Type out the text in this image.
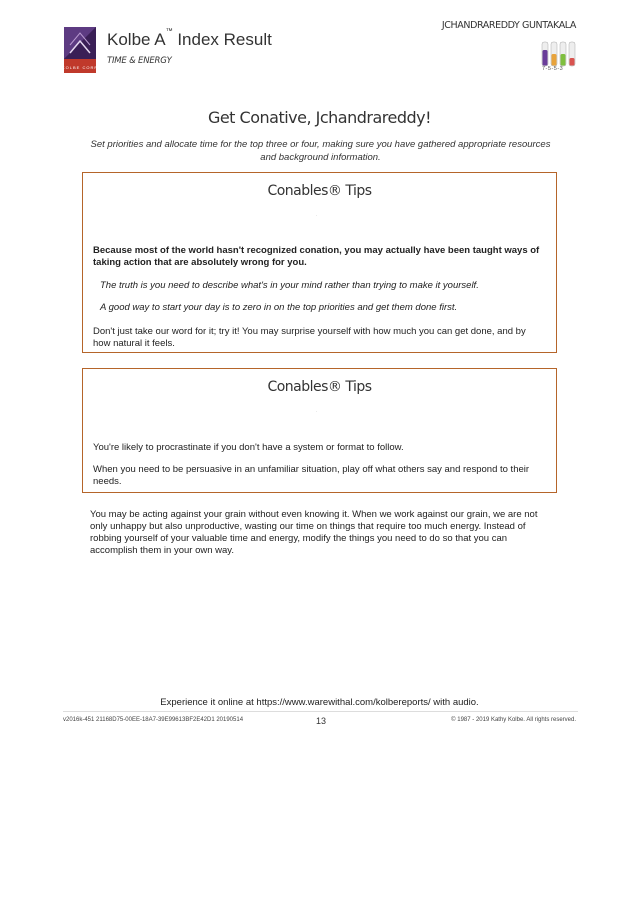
KOLBE CORP
Kolbe A™ Index Result
TIME & ENERGY
JCHANDRAREDDY GUNTAKALA
7-5-5-3
Get Conative, Jchandrareddy!
Set priorities and allocate time for the top three or four, making sure you have gathered appropriate resources and background information.
Conables® Tips
·
Because most of the world hasn't recognized conation, you may actually have been taught ways of taking action that are absolutely wrong for you.
The truth is you need to describe what's in your mind rather than trying to make it yourself.
A good way to start your day is to zero in on the top priorities and get them done first.
Don't just take our word for it; try it! You may surprise yourself with how much you can get done, and by how natural it feels.
Conables® Tips
·
You're likely to procrastinate if you don't have a system or format to follow.
When you need to be persuasive in an unfamiliar situation, play off what others say and respond to their needs.
You may be acting against your grain without even knowing it. When we work against our grain, we are not only unhappy but also unproductive, wasting our time on things that require too much energy. Instead of robbing yourself of your valuable time and energy, modify the things you need to do so that you can accomplish them in your own way.
Experience it online at https://www.warewithal.com/kolbereports/ with audio.
v2016k-451 21168D75-00EE-18A7-39E99613BF2E42D1 20190514	13	© 1987 - 2019 Kathy Kolbe. All rights reserved.
